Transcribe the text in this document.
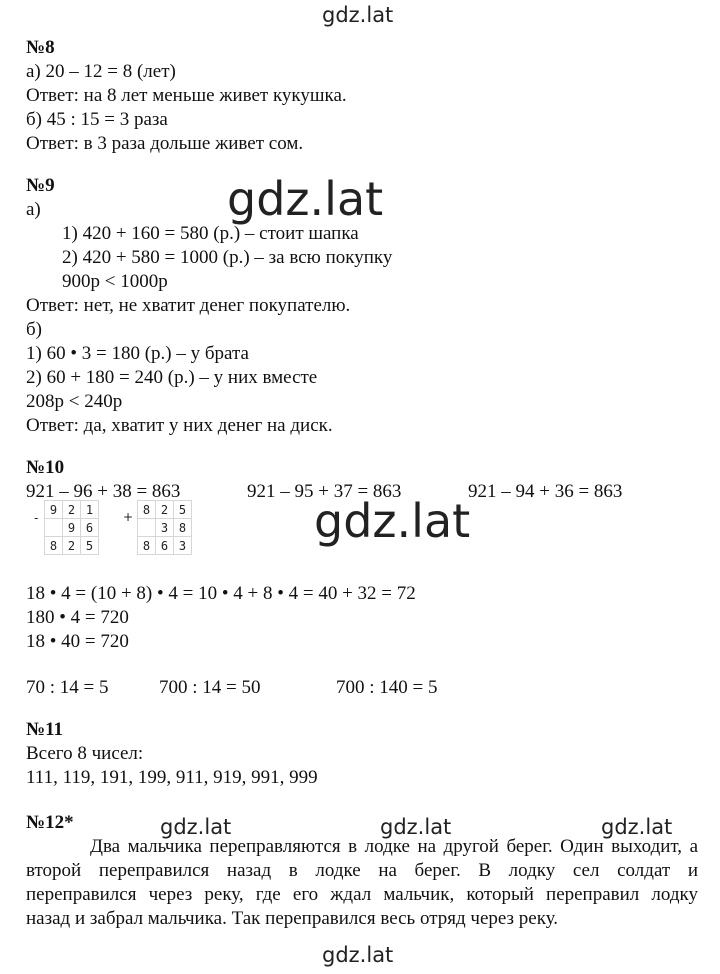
gdz.lat
gdz.lat
gdz.lat
gdz.lat	gdz.lat	gdz.lat
gdz.lat
№8
а) 20 – 12 = 8 (лет)
Ответ: на 8 лет меньше живет кукушка.
б) 45 : 15 = 3 раза
Ответ: в 3 раза дольше живет сом.
№9
а)
1) 420 + 160 = 580 (р.) – стоит шапка
2) 420 + 580 = 1000 (р.) – за всю покупку
900р < 1000р
Ответ: нет, не хватит денег покупателю.
б)
1) 60 • 3 = 180 (р.) – у брата
2) 60 + 180 = 240 (р.) – у них вместе
208р < 240р
Ответ: да, хватит у них денег на диск.
№10
921 – 96 + 38 = 863	921 – 95 + 37 = 863	921 – 94 + 36 = 863
-
9	2	1
	9	6
8	2	5
+
8	2	5
	3	8
8	6	3
18 • 4 = (10 + 8) • 4 = 10 • 4 + 8 • 4 = 40 + 32 = 72
180 • 4 = 720
18 • 40 = 720
70 : 14 = 5	700 : 14 = 50	700 : 140 = 5
№11
Всего 8 чисел:
111, 119, 191, 199, 911, 919, 991, 999
№12*
Два мальчика переправляются в лодке на другой берег. Один выходит, а
второй переправился назад в лодке на берег. В лодку сел солдат и
переправился через реку, где его ждал мальчик, который переправил лодку
назад и забрал мальчика. Так переправился весь отряд через реку.
